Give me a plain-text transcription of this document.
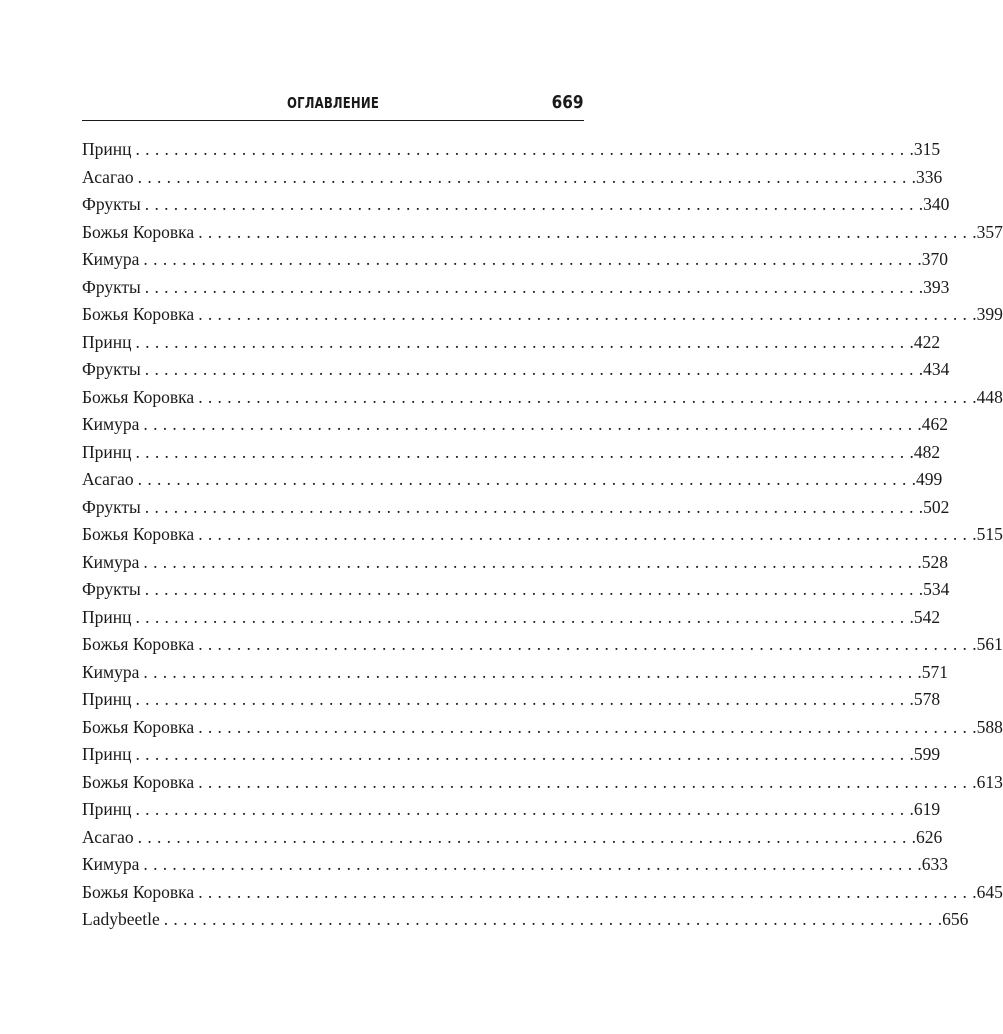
ОГЛАВЛЕНИЕ	669
Принц ................................................................................ .315
Асагао ................................................................................ .336
Фрукты ................................................................................ .340
Божья Коровка ................................................................................ .357
Кимура ................................................................................ .370
Фрукты ................................................................................ .393
Божья Коровка ................................................................................ .399
Принц ................................................................................ .422
Фрукты ................................................................................ .434
Божья Коровка ................................................................................ .448
Кимура ................................................................................ .462
Принц ................................................................................ .482
Асагао ................................................................................ .499
Фрукты ................................................................................ .502
Божья Коровка ................................................................................ .515
Кимура ................................................................................ .528
Фрукты ................................................................................ .534
Принц ................................................................................ .542
Божья Коровка ................................................................................ .561
Кимура ................................................................................ .571
Принц ................................................................................ .578
Божья Коровка ................................................................................ .588
Принц ................................................................................ .599
Божья Коровка ................................................................................ .613
Принц ................................................................................ .619
Асагао ................................................................................ .626
Кимура ................................................................................ .633
Божья Коровка ................................................................................ .645
Ladybeetle ................................................................................ .656
